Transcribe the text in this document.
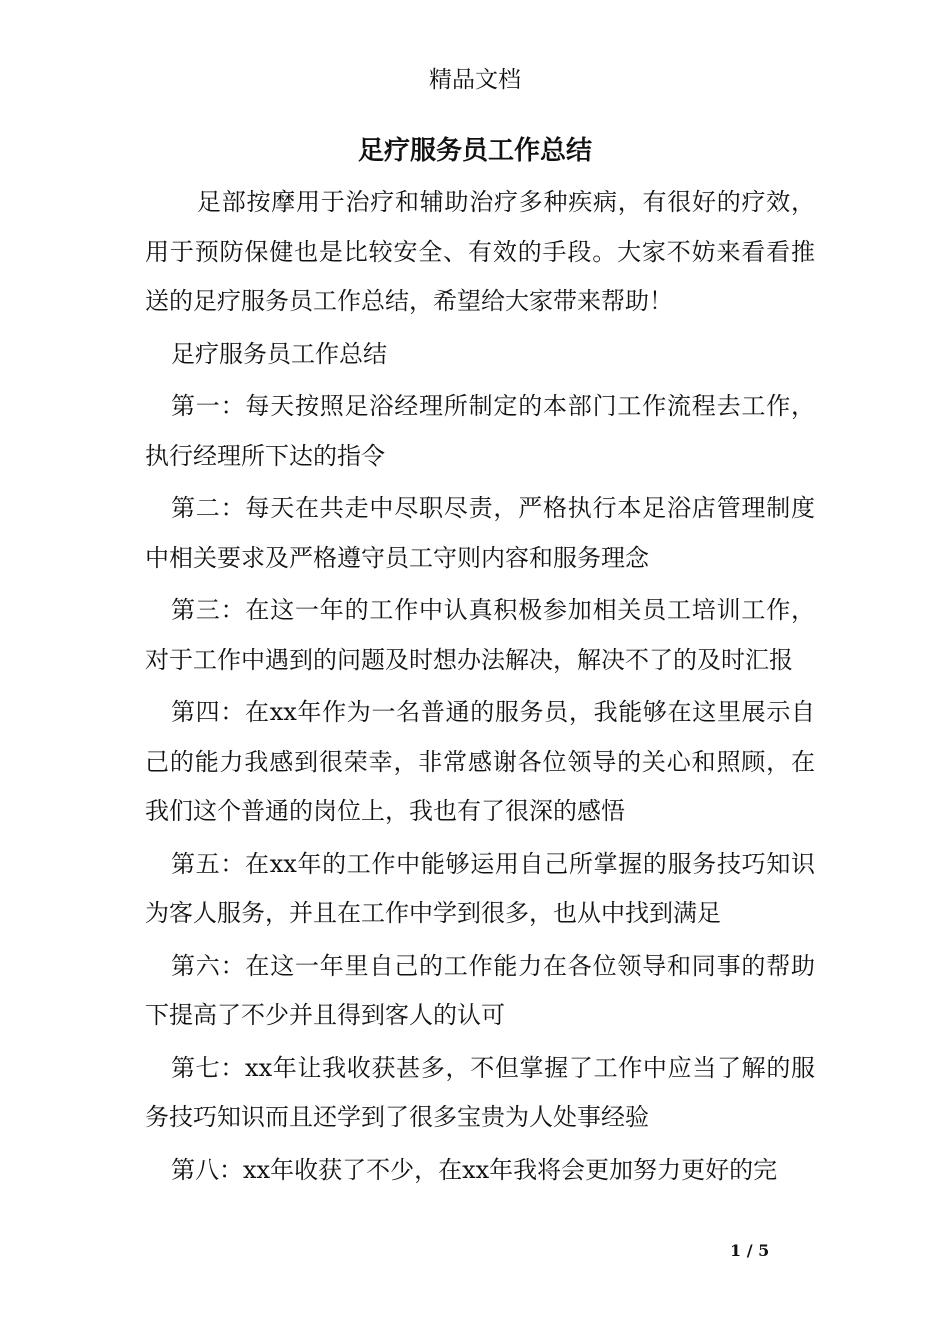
精品文档
足疗服务员工作总结

足部按摩用于治疗和辅助治疗多种疾病，有很好的疗效，用于预防保健也是比较安全、有效的手段。大家不妨来看看推送的足疗服务员工作总结，希望给大家带来帮助！

足疗服务员工作总结

第一：每天按照足浴经理所制定的本部门工作流程去工作，执行经理所下达的指令

第二：每天在共走中尽职尽责，严格执行本足浴店管理制度中相关要求及严格遵守员工守则内容和服务理念

第三：在这一年的工作中认真积极参加相关员工培训工作，对于工作中遇到的问题及时想办法解决，解决不了的及时汇报

第四：在xx年作为一名普通的服务员，我能够在这里展示自己的能力我感到很荣幸，非常感谢各位领导的关心和照顾，在我们这个普通的岗位上，我也有了很深的感悟

第五：在xx年的工作中能够运用自己所掌握的服务技巧知识为客人服务，并且在工作中学到很多，也从中找到满足

第六：在这一年里自己的工作能力在各位领导和同事的帮助下提高了不少并且得到客人的认可

第七：xx年让我收获甚多，不但掌握了工作中应当了解的服务技巧知识而且还学到了很多宝贵为人处事经验

第八：xx年收获了不少，在xx年我将会更加努力更好的完

1 / 5
